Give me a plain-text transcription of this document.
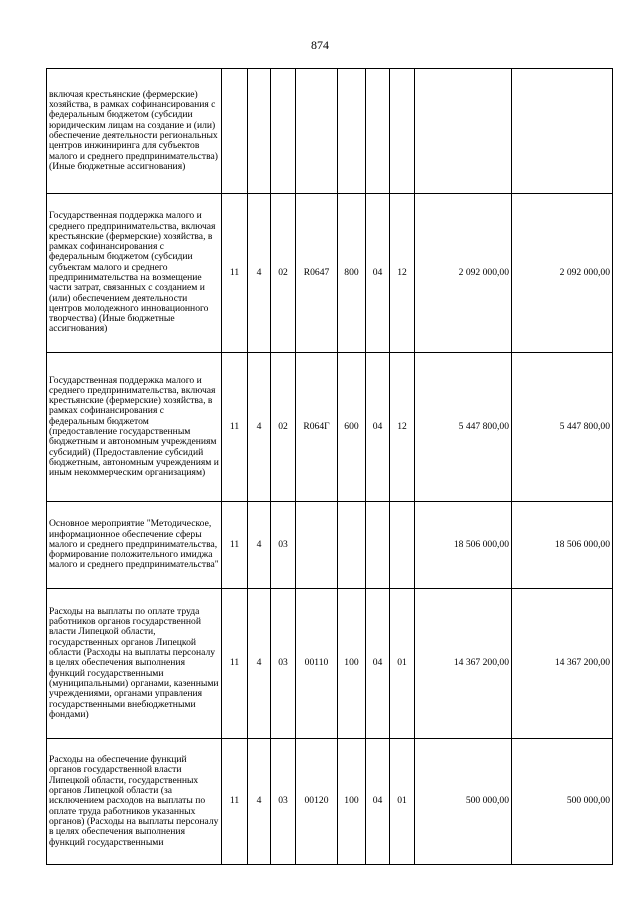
874
включая крестьянские (фермерские) хозяйства, в рамках софинансирования с федеральным бюджетом (субсидии юридическим лицам на создание и (или) обеспечение деятельности региональных центров инжиниринга для субъектов малого и среднего предпринимательства) (Иные бюджетные ассигнования)									
Государственная поддержка малого и среднего предпринимательства, включая крестьянские (фермерские) хозяйства, в рамках софинансирования с федеральным бюджетом (субсидии субъектам малого и среднего предпринимательства на возмещение части затрат, связанных с созданием и (или) обеспечением деятельности центров молодежного инновационного творчества) (Иные бюджетные ассигнования)	11	4	02	R0647	800	04	12	2 092 000,00	2 092 000,00
Государственная поддержка малого и среднего предпринимательства, включая крестьянские (фермерские) хозяйства, в рамках софинансирования с федеральным бюджетом (предоставление государственным бюджетным и автономным учреждениям субсидий) (Предоставление субсидий бюджетным, автономным учреждениям и иным некоммерческим организациям)	11	4	02	R064Г	600	04	12	5 447 800,00	5 447 800,00
Основное мероприятие "Методическое, информационное обеспечение сферы малого и среднего предпринимательства, формирование положительного имиджа малого и среднего предпринимательства"	11	4	03					18 506 000,00	18 506 000,00
Расходы на выплаты по оплате труда работников органов государственной власти Липецкой области, государственных органов Липецкой области (Расходы на выплаты персоналу в целях обеспечения выполнения функций государственными (муниципальными) органами, казенными учреждениями, органами управления государственными внебюджетными фондами)	11	4	03	00110	100	04	01	14 367 200,00	14 367 200,00
Расходы на обеспечение функций органов государственной власти Липецкой области, государственных органов Липецкой области (за исключением расходов на выплаты по оплате труда работников указанных органов) (Расходы на выплаты персоналу в целях обеспечения выполнения функций государственными	11	4	03	00120	100	04	01	500 000,00	500 000,00
